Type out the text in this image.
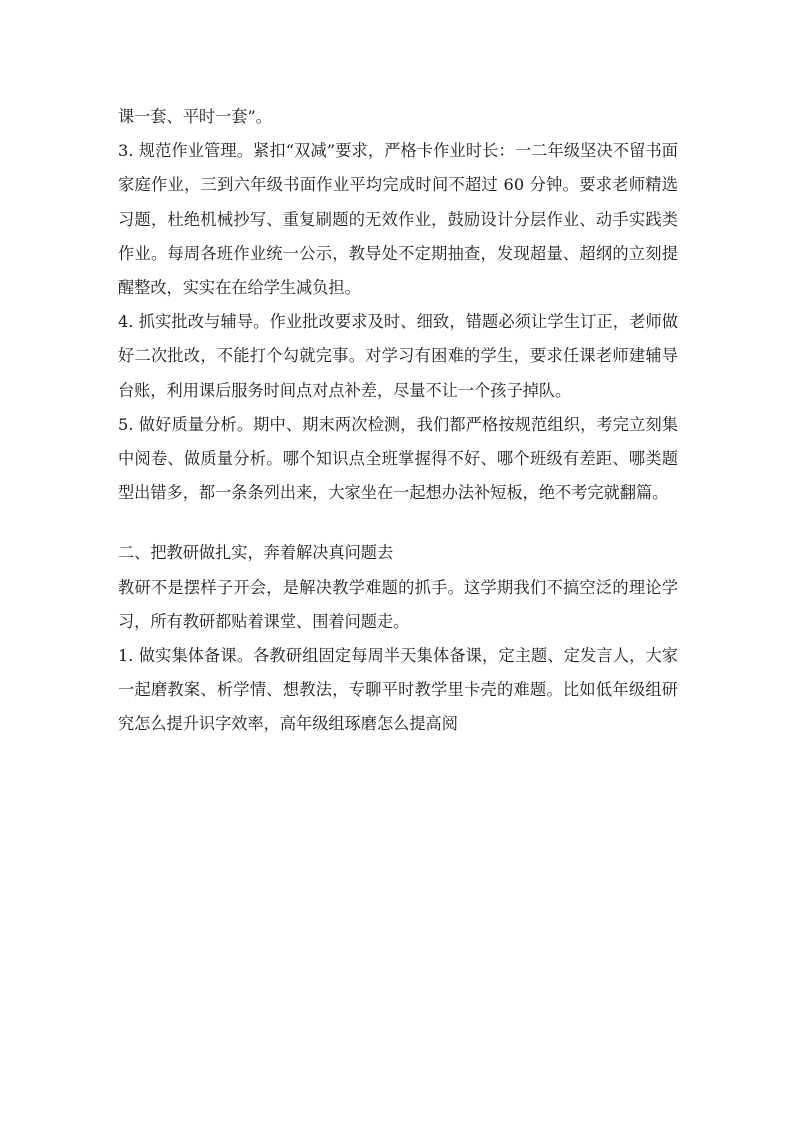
课一套、平时一套”。

3. 规范作业管理。紧扣“双减”要求，严格卡作业时长：一二年级坚决不留书面家庭作业，三到六年级书面作业平均完成时间不超过 60 分钟。要求老师精选习题，杜绝机械抄写、重复刷题的无效作业，鼓励设计分层作业、动手实践类作业。每周各班作业统一公示，教导处不定期抽查，发现超量、超纲的立刻提醒整改，实实在在给学生减负担。

4. 抓实批改与辅导。作业批改要求及时、细致，错题必须让学生订正，老师做好二次批改，不能打个勾就完事。对学习有困难的学生，要求任课老师建辅导台账，利用课后服务时间点对点补差，尽量不让一个孩子掉队。

5. 做好质量分析。期中、期末两次检测，我们都严格按规范组织，考完立刻集中阅卷、做质量分析。哪个知识点全班掌握得不好、哪个班级有差距、哪类题型出错多，都一条条列出来，大家坐在一起想办法补短板，绝不考完就翻篇。

二、把教研做扎实，奔着解决真问题去

教研不是摆样子开会，是解决教学难题的抓手。这学期我们不搞空泛的理论学习，所有教研都贴着课堂、围着问题走。

1. 做实集体备课。各教研组固定每周半天集体备课，定主题、定发言人，大家一起磨教案、析学情、想教法，专聊平时教学里卡壳的难题。比如低年级组研究怎么提升识字效率，高年级组琢磨怎么提高阅
